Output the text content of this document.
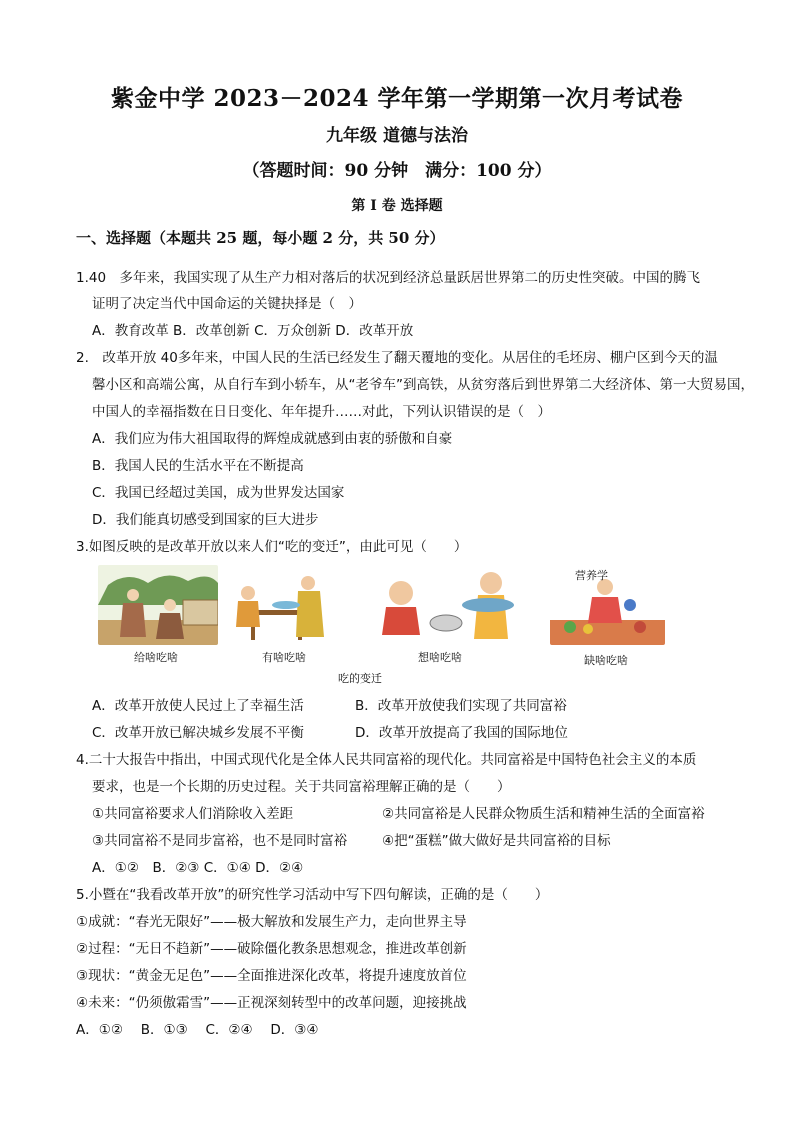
紫金中学 2023－2024 学年第一学期第一次月考试卷
九年级 道德与法治
（答题时间：90 分钟　满分：100 分）
第 I 卷 选择题
一、选择题（本题共 25 题，每小题 2 分，共 50 分）
1.40　多年来，我国实现了从生产力相对落后的状况到经济总量跃居世界第二的历史性突破。中国的腾飞
证明了决定当代中国命运的关键抉择是（　）
A．教育改革 B．改革创新 C．万众创新 D．改革开放
2.　改革开放 40多年来，中国人民的生活已经发生了翻天覆地的变化。从居住的毛坯房、棚户区到今天的温
馨小区和高端公寓，从自行车到小轿车，从“老爷车”到高铁，从贫穷落后到世界第二大经济体、第一大贸易国，
中国人的幸福指数在日日变化、年年提升……对此，下列认识错误的是（　）
A．我们应为伟大祖国取得的辉煌成就感到由衷的骄傲和自豪
B．我国人民的生活水平在不断提高
C．我国已经超过美国，成为世界发达国家
D．我们能真切感受到国家的巨大进步
3.如图反映的是改革开放以来人们“吃的变迁”，由此可见（　　）
营养学
给啥吃啥	有啥吃啥	想啥吃啥	缺啥吃啥
吃的变迁
A．改革开放使人民过上了幸福生活	B．改革开放使我们实现了共同富裕
C．改革开放已解决城乡发展不平衡	D．改革开放提高了我国的国际地位
4.二十大报告中指出，中国式现代化是全体人民共同富裕的现代化。共同富裕是中国特色社会主义的本质
要求，也是一个长期的历史过程。关于共同富裕理解正确的是（　　）
①共同富裕要求人们消除收入差距	②共同富裕是人民群众物质生活和精神生活的全面富裕
③共同富裕不是同步富裕，也不是同时富裕	④把“蛋糕”做大做好是共同富裕的目标
A．①②　B．②③ C．①④ D．②④
5.小暨在“我看改革开放”的研究性学习活动中写下四句解读，正确的是（　　）
①成就：“春光无限好”——极大解放和发展生产力，走向世界主导
②过程：“无日不趋新”——破除僵化教条思想观念，推进改革创新
③现状：“黄金无足色”——全面推进深化改革，将提升速度放首位
④未来：“仍须傲霜雪”——正视深刻转型中的改革问题，迎接挑战
A．①②　 B．①③　 C．②④　 D．③④
